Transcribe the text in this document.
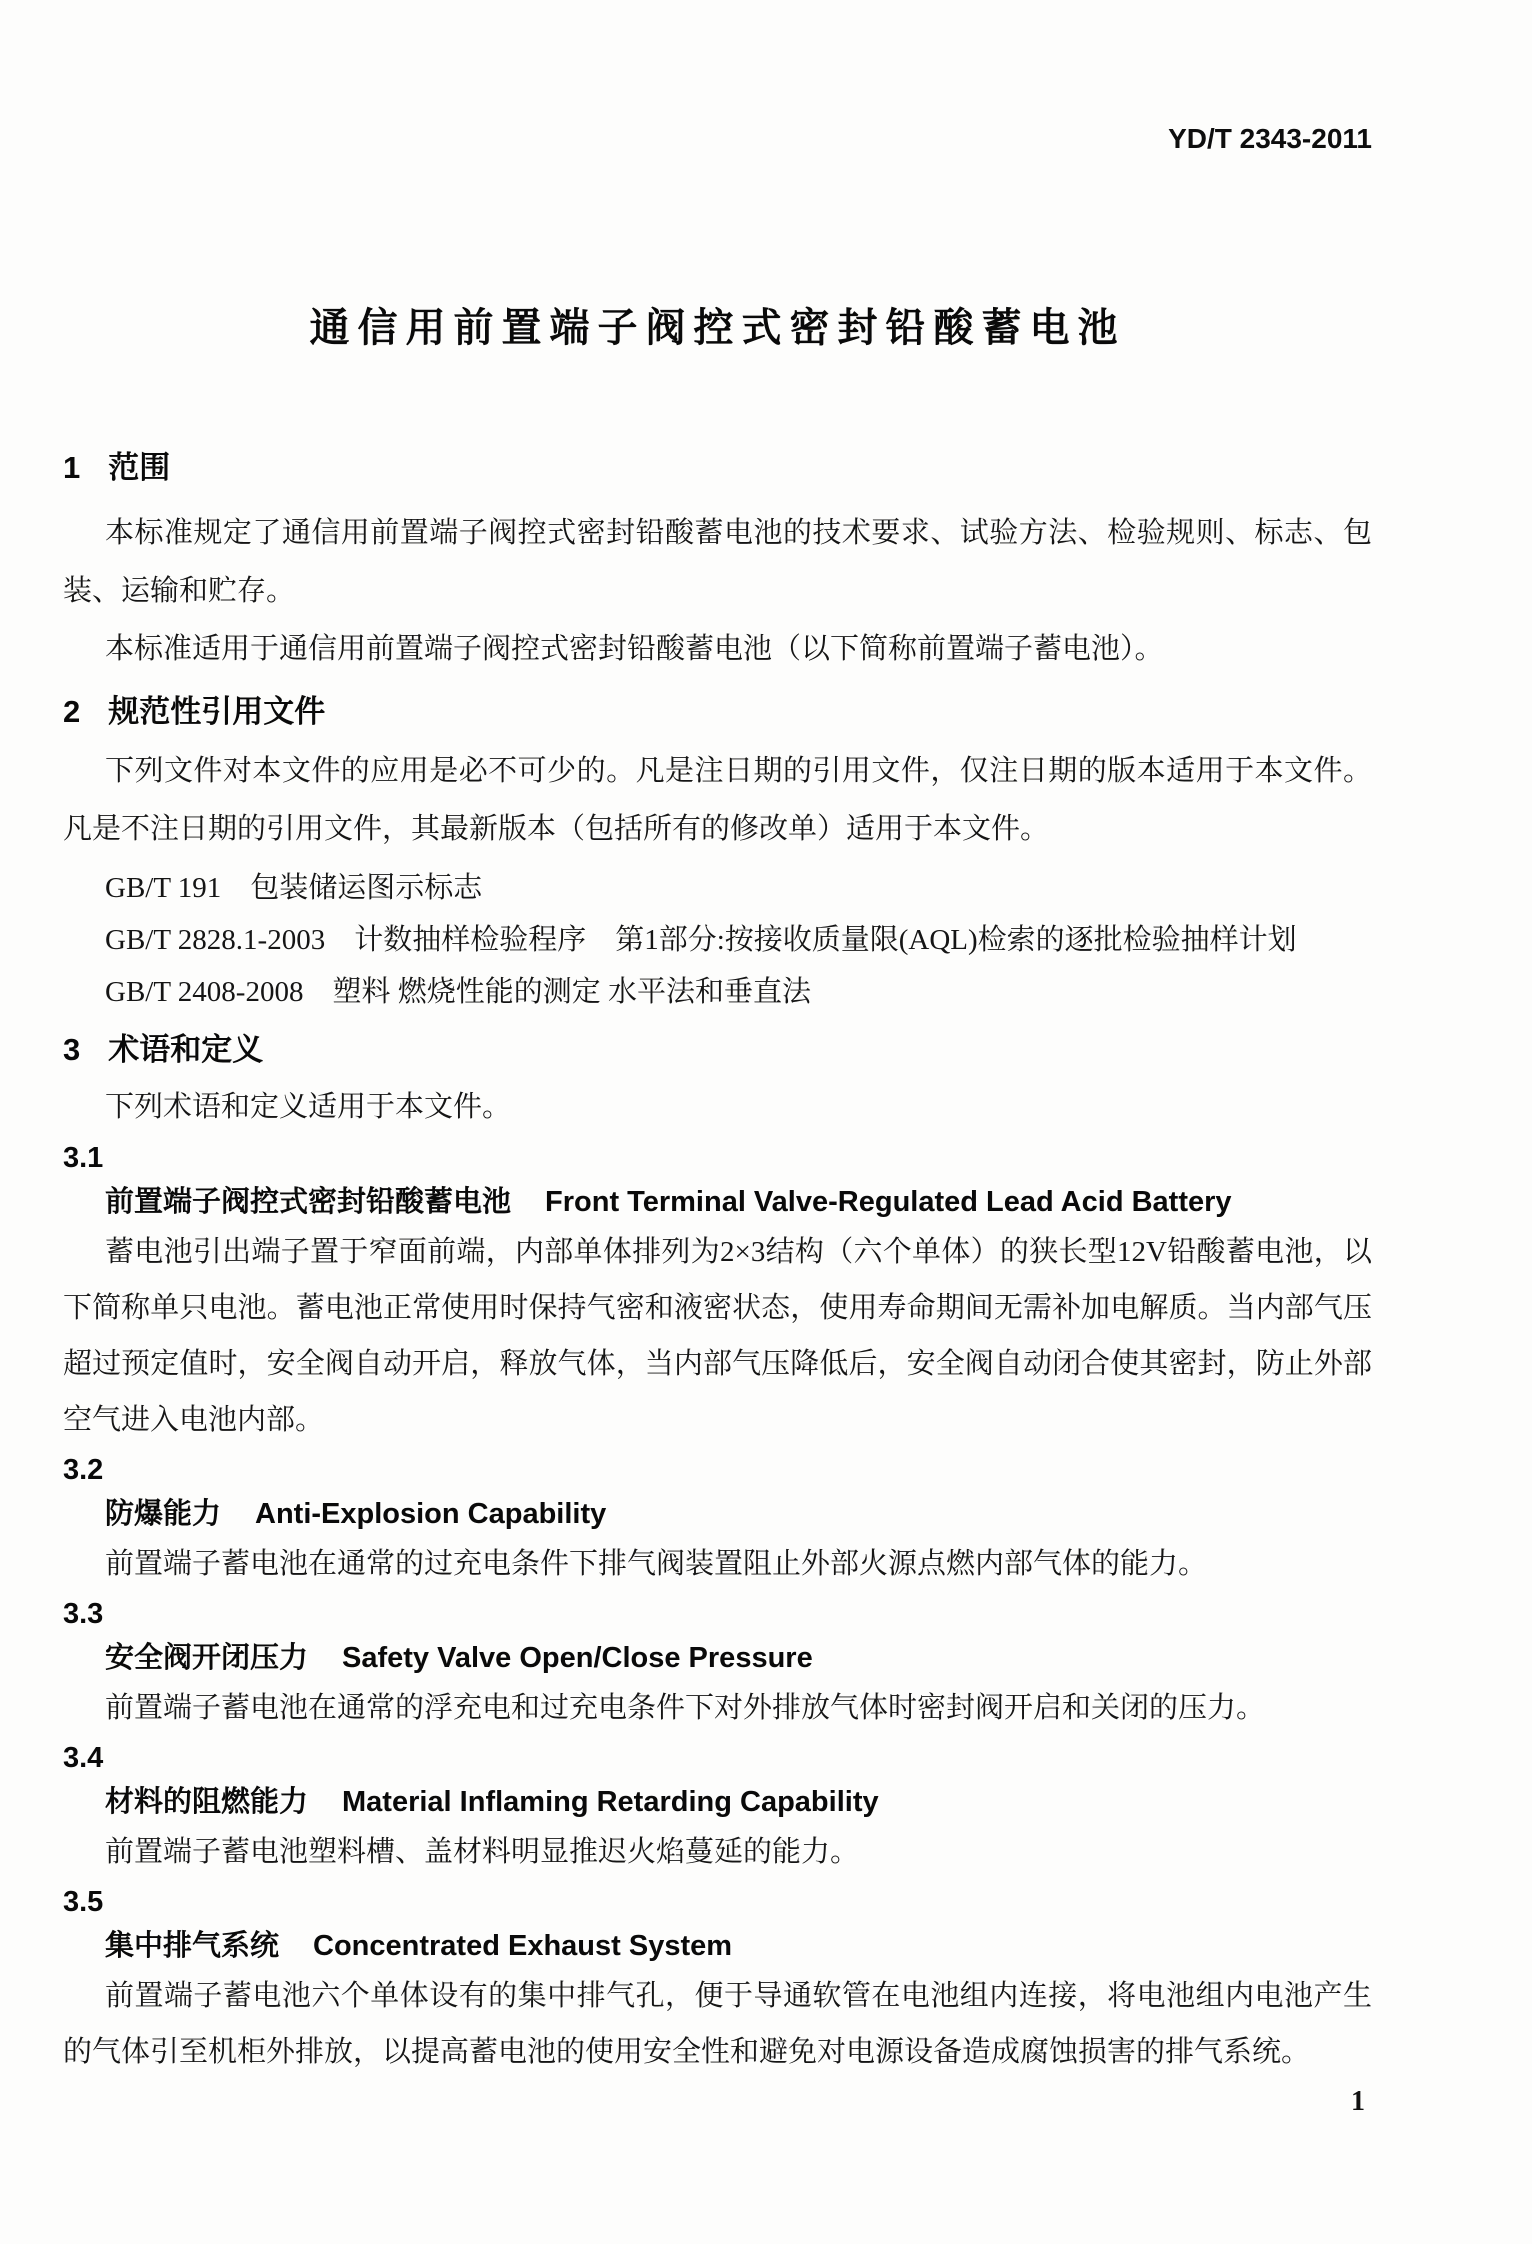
YD/T 2343-2011
通信用前置端子阀控式密封铅酸蓄电池
1 范围

本标准规定了通信用前置端子阀控式密封铅酸蓄电池的技术要求、试验方法、检验规则、标志、包装、运输和贮存。

本标准适用于通信用前置端子阀控式密封铅酸蓄电池（以下简称前置端子蓄电池）。

2 规范性引用文件

下列文件对本文件的应用是必不可少的。凡是注日期的引用文件，仅注日期的版本适用于本文件。凡是不注日期的引用文件，其最新版本（包括所有的修改单）适用于本文件。

GB/T 191　包装储运图示标志
GB/T 2828.1-2003　计数抽样检验程序　第1部分:按接收质量限(AQL)检索的逐批检验抽样计划
GB/T 2408-2008　塑料 燃烧性能的测定 水平法和垂直法
3 术语和定义

下列术语和定义适用于本文件。

3.1
前置端子阀控式密封铅酸蓄电池 Front Terminal Valve-Regulated Lead Acid Battery

蓄电池引出端子置于窄面前端，内部单体排列为2×3结构（六个单体）的狭长型12V铅酸蓄电池，以下简称单只电池。蓄电池正常使用时保持气密和液密状态，使用寿命期间无需补加电解质。当内部气压超过预定值时，安全阀自动开启，释放气体，当内部气压降低后，安全阀自动闭合使其密封，防止外部空气进入电池内部。

3.2
防爆能力 Anti-Explosion Capability

前置端子蓄电池在通常的过充电条件下排气阀装置阻止外部火源点燃内部气体的能力。

3.3
安全阀开闭压力 Safety Valve Open/Close Pressure

前置端子蓄电池在通常的浮充电和过充电条件下对外排放气体时密封阀开启和关闭的压力。

3.4
材料的阻燃能力 Material Inflaming Retarding Capability

前置端子蓄电池塑料槽、盖材料明显推迟火焰蔓延的能力。

3.5
集中排气系统 Concentrated Exhaust System

前置端子蓄电池六个单体设有的集中排气孔，便于导通软管在电池组内连接，将电池组内电池产生的气体引至机柜外排放，以提高蓄电池的使用安全性和避免对电源设备造成腐蚀损害的排气系统。

1
